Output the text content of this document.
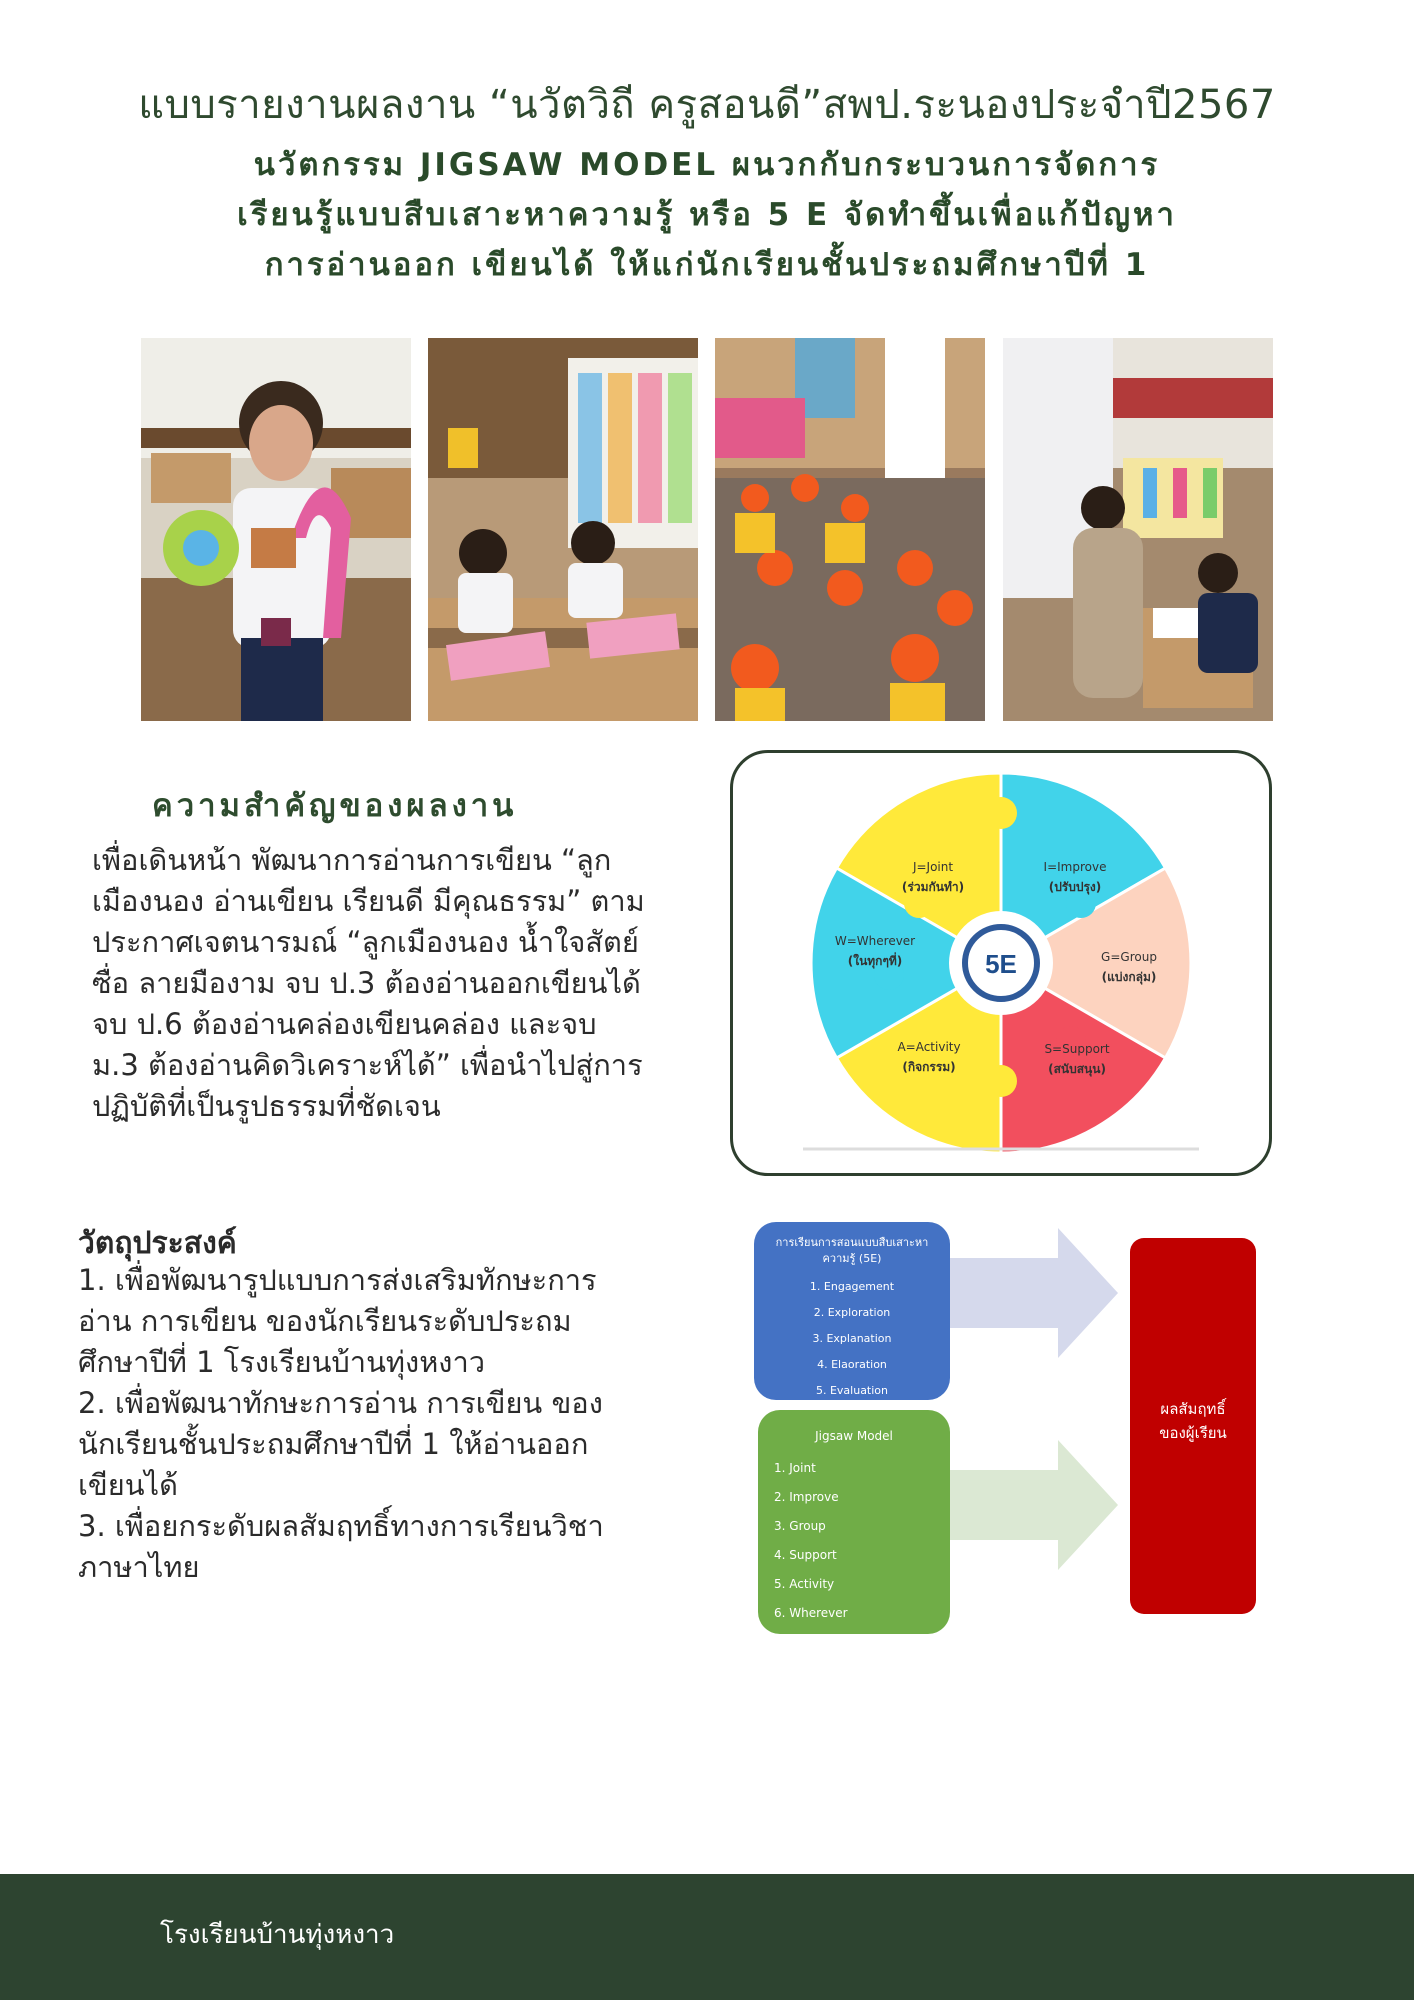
แบบรายงานผลงาน “นวัตวิถี ครูสอนดี”สพป.ระนองประจำปี2567
นวัตกรรม JIGSAW MODEL ผนวกกับกระบวนการจัดการ
เรียนรู้แบบสืบเสาะหาความรู้ หรือ 5 E จัดทำขึ้นเพื่อแก้ปัญหา
การอ่านออก เขียนได้ ให้แก่นักเรียนชั้นประถมศึกษาปีที่ 1
ความสำคัญของผลงาน
เพื่อเดินหน้า พัฒนาการอ่านการเขียน “ลูก
เมืองนอง อ่านเขียน เรียนดี มีคุณธรรม” ตาม
ประกาศเจตนารมณ์ “ลูกเมืองนอง น้ำใจสัตย์
ซื่อ ลายมืองาม จบ ป.3 ต้องอ่านออกเขียนได้
จบ ป.6 ต้องอ่านคล่องเขียนคล่อง และจบ
ม.3 ต้องอ่านคิดวิเคราะห์ได้” เพื่อนำไปสู่การ
ปฏิบัติที่เป็นรูปธรรมที่ชัดเจน
5E
J=Joint
(ร่วมกันทำ)
I=Improve
(ปรับปรุง)
G=Group
(แบ่งกลุ่ม)
S=Support
(สนับสนุน)
A=Activity
(กิจกรรม)
W=Wherever
(ในทุกๆที่)
วัตถุประสงค์
1. เพื่อพัฒนารูปแบบการส่งเสริมทักษะการ
อ่าน การเขียน ของนักเรียนระดับประถม
ศึกษาปีที่ 1 โรงเรียนบ้านทุ่งหงาว
2. เพื่อพัฒนาทักษะการอ่าน การเขียน ของ
นักเรียนชั้นประถมศึกษาปีที่ 1 ให้อ่านออก
เขียนได้
3. เพื่อยกระดับผลสัมฤทธิ์ทางการเรียนวิชา
ภาษาไทย
การเรียนการสอนแบบสืบเสาะหา
ความรู้ (5E)
1. Engagement
2. Exploration
3. Explanation
4. Elaoration
5. Evaluation
Jigsaw Model
1. Joint
2. Improve
3. Group
4. Support
5. Activity
6. Wherever
ผลสัมฤทธิ์
ของผู้เรียน
โรงเรียนบ้านทุ่งหงาว
